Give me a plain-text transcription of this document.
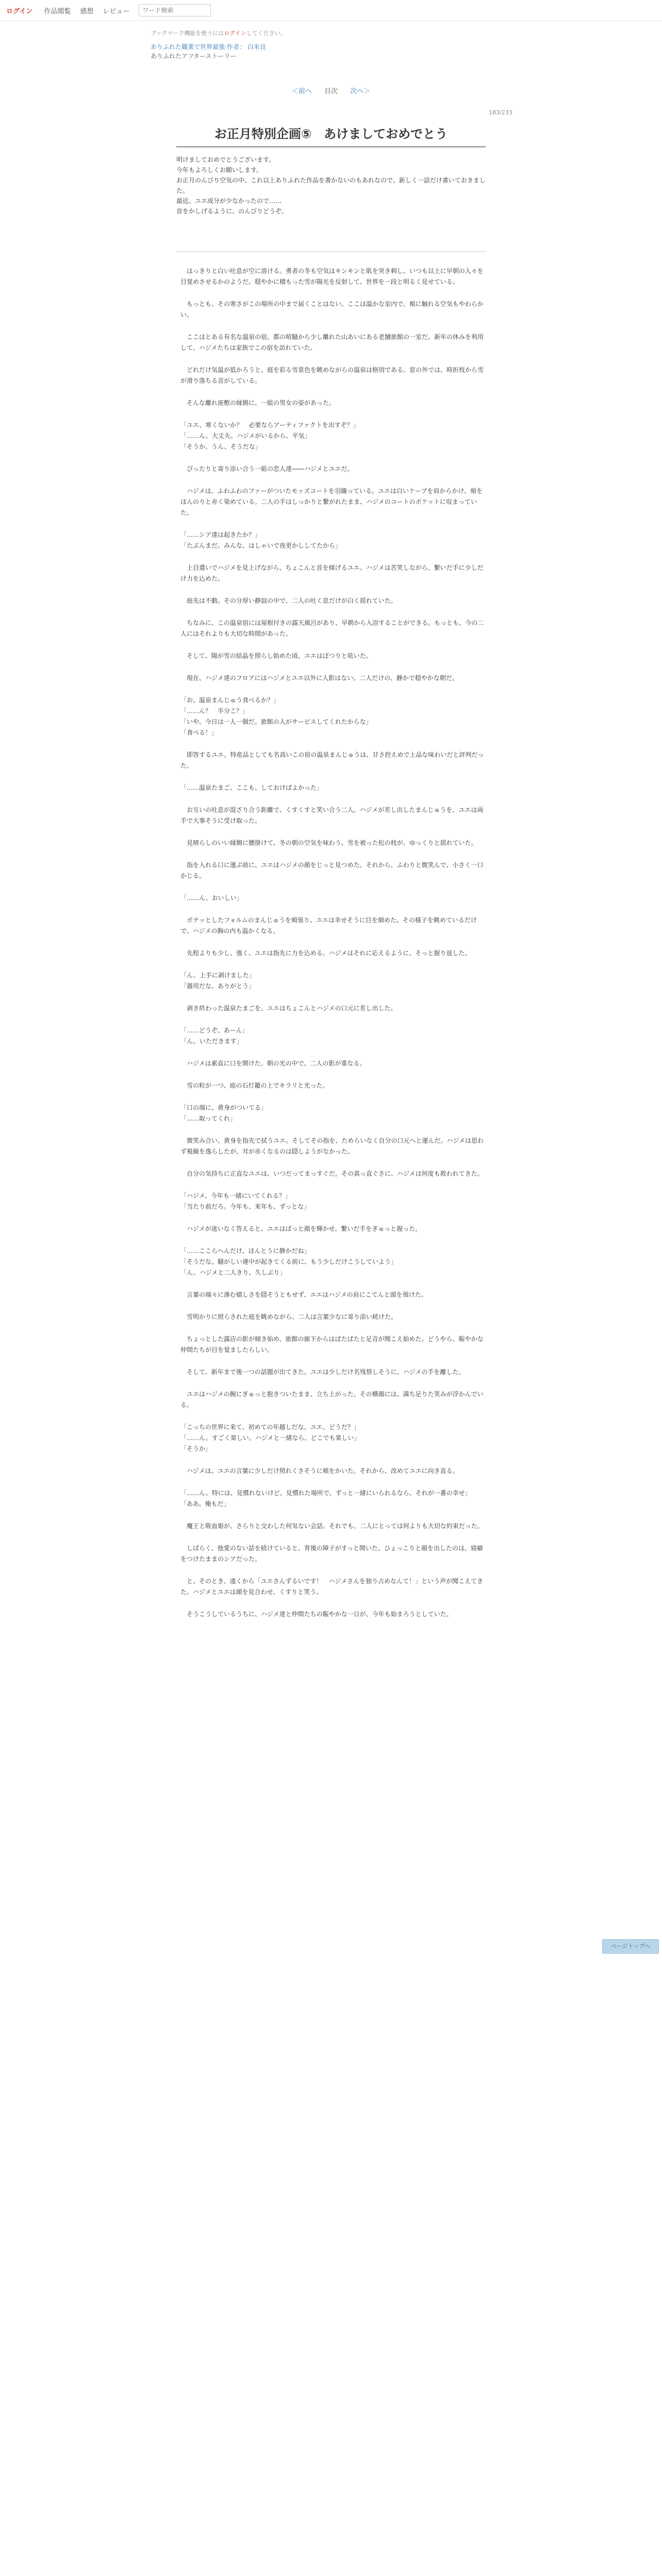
ログイン 作品閲覧 感想 レビュー
ワード検索
ブックマーク機能を使うにはログインしてください。
ありふれた職業で世界最強 作者： 白米良
ありふれたアフターストーリー
＜前へ 目次 次へ＞
183/233
お正月特別企画⑤　あけましておめでとう

明けましておめでとうございます。

今年もよろしくお願いします。

お正月のんびり空気の中、これ以上ありふれた作品を書かないのもあれなので、新しく一話だけ書いておきました。

最近、ユエ成分が少なかったので……

首をかしげるように、のんびりどうぞ。

　はっきりと白い吐息が空に溶ける。勇者の冬も空気はキンキンと肌を突き刺し、いつも以上に早朝の人々を目覚めさせるかのようだ。穏やかに積もった雪が陽光を反射して、世界を一段と明るく見せている。

　もっとも、その寒さがこの場所の中まで届くことはない。ここは温かな室内で、頬に触れる空気もやわらかい。

　ここはとある有名な温泉の宿。都の喧騒から少し離れた山あいにある老舗旅館の一室だ。新年の休みを利用して、ハジメたちは家族でこの宿を訪れていた。

　どれだけ気温が低かろうと、庭を彩る雪景色を眺めながらの温泉は格別である。窓の外では、時折枝から雪が滑り落ちる音がしている。

　そんな離れ座敷の縁側に、一組の男女の姿があった。

「ユエ、寒くないか？　必要ならアーティファクトを出すぞ？」
「……ん。大丈夫。ハジメがいるから、平気」
「そうか。うん、そうだな」

　ぴったりと寄り添い合う一組の恋人達――ハジメとユエだ。

　ハジメは、ふわふわのファーがついたモッズコートを羽織っている。ユエは白いケープを肩からかけ、頬をほんのりと赤く染めている。二人の手はしっかりと繋がれたまま、ハジメのコートのポケットに収まっていた。

「……シア達は起きたか？」
「たぶんまだ。みんな、はしゃいで夜更かししてたから」

　上目遣いでハジメを見上げながら、ちょこんと首を傾げるユエ。ハジメは苦笑しながら、繋いだ手に少しだけ力を込めた。

　庭先は不動。その分厚い静寂の中で、二人の吐く息だけが白く揺れていた。

　ちなみに、この温泉宿には屋根付きの露天風呂があり、早朝から入浴することができる。もっとも、今の二人にはそれよりも大切な時間があった。

　そして、陽が雪の結晶を照らし始めた頃、ユエはぽつりと呟いた。

　現在、ハジメ達のフロアにはハジメとユエ以外に人影はない。二人だけの、静かで穏やかな朝だ。

「お、温泉まんじゅう食べるか？」
「……ん？　半分こ？」
「いや、今日は一人一個だ。旅館の人がサービスしてくれたからな」
「食べる！」

　即答するユエ。特産品としても名高いこの宿の温泉まんじゅうは、甘さ控えめで上品な味わいだと評判だった。

「……温泉たまご、ここも、しておけばよかった」

　お互いの吐息が混ざり合う距離で、くすくすと笑い合う二人。ハジメが差し出したまんじゅうを、ユエは両手で大事そうに受け取った。

　見晴らしのいい縁側に腰掛けて、冬の朝の空気を味わう。雪を被った松の枝が、ゆっくりと揺れていた。

　指を入れる口に運ぶ前に、ユエはハジメの顔をじっと見つめた。それから、ふわりと微笑んで、小さく一口かじる。

「……ん、おいしい」

　ボテッとしたフォルムのまんじゅうを頬張り、ユエは幸せそうに目を細めた。その様子を眺めているだけで、ハジメの胸の内も温かくなる。

　先程よりも少し、強く、ユエは指先に力を込める。ハジメはそれに応えるように、そっと握り返した。

「ん。上手に剥けました」
「器用だな。ありがとう」

　剥き終わった温泉たまごを、ユエはちょこんとハジメの口元に差し出した。

「……どうぞ、あーん」
「ん。いただきます」

　ハジメは素直に口を開けた。朝の光の中で、二人の影が重なる。

　雪の粒が一つ、庭の石灯籠の上でキラリと光った。

「口の端に、黄身がついてる」
「……取ってくれ」

　微笑み合い、黄身を指先で拭うユエ。そしてその指を、ためらいなく自分の口元へと運んだ。ハジメは思わず視線を逸らしたが、耳が赤くなるのは隠しようがなかった。

　自分の気持ちに正直なユエは、いつだってまっすぐだ。その真っ直ぐさに、ハジメは何度も救われてきた。

「ハジメ、今年も一緒にいてくれる？」
「当たり前だろ。今年も、来年も、ずっとな」

　ハジメが迷いなく答えると、ユエはぱっと顔を輝かせ、繋いだ手をぎゅっと握った。

「……ここらへんだけ、ほんとうに静かだね」
「そうだな。騒がしい連中が起きてくる前に、もう少しだけこうしていよう」
「ん。ハジメと二人きり、久しぶり」

　言葉の端々に滲む嬉しさを隠そうともせず、ユエはハジメの肩にこてんと頭を預けた。

　雪明かりに照らされた庭を眺めながら、二人は言葉少なに寄り添い続けた。

　ちょっとした露店の影が傾き始め、旅館の廊下からはぱたぱたと足音が聞こえ始めた。どうやら、賑やかな仲間たちが目を覚ましたらしい。

　そして、新年まで後一つの話題が出てきた。ユエは少しだけ名残惜しそうに、ハジメの手を離した。

　ユエはハジメの腕にぎゅっと抱きついたまま、立ち上がった。その横顔には、満ち足りた笑みが浮かんでいる。

「こっちの世界に来て、初めての年越しだな。ユエ、どうだ？」
「……ん。すごく楽しい。ハジメと一緒なら、どこでも楽しい」
「そうか」

　ハジメは、ユエの言葉に少しだけ照れくさそうに頬をかいた。それから、改めてユエに向き直る。

「……ん。特には、見慣れないけど、見慣れた場所で、ずっと一緒にいられるなら、それが一番の幸せ」
「ああ。俺もだ」

　魔王と吸血姫が、さらりと交わした何気ない会話。それでも、二人にとっては何よりも大切な約束だった。

　しばらく、他愛のない話を続けていると、背後の障子がすっと開いた。ひょっこりと顔を出したのは、寝癖をつけたままのシアだった。

　と、そのとき、遠くから「ユエさんずるいです！　ハジメさんを独り占めなんて！」という声が聞こえてきた。ハジメとユエは顔を見合わせ、くすりと笑う。

　そうこうしているうちに、ハジメ達と仲間たちの賑やかな一日が、今年も始まろうとしていた。

ページトップへ
